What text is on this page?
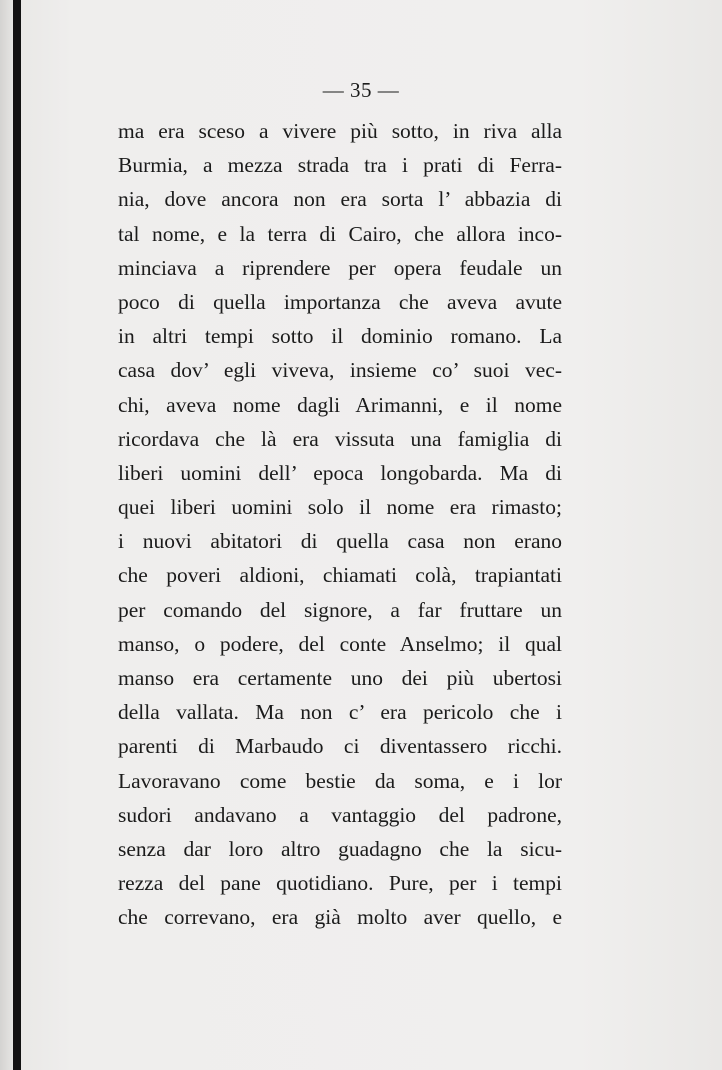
— 35 —
ma era sceso a vivere più sotto, in riva alla
Burmia, a mezza strada tra i prati di Ferra-
nia, dove ancora non era sorta l’ abbazia di
tal nome, e la terra di Cairo, che allora inco-
minciava a riprendere per opera feudale un
poco di quella importanza che aveva avute
in altri tempi sotto il dominio romano. La
casa dov’ egli viveva, insieme co’ suoi vec-
chi, aveva nome dagli Arimanni, e il nome
ricordava che là era vissuta una famiglia di
liberi uomini dell’ epoca longobarda. Ma di
quei liberi uomini solo il nome era rimasto;
i nuovi abitatori di quella casa non erano
che poveri aldioni, chiamati colà, trapiantati
per comando del signore, a far fruttare un
manso, o podere, del conte Anselmo; il qual
manso era certamente uno dei più ubertosi
della vallata. Ma non c’ era pericolo che i
parenti di Marbaudo ci diventassero ricchi.
Lavoravano come bestie da soma, e i lor
sudori andavano a vantaggio del padrone,
senza dar loro altro guadagno che la sicu-
rezza del pane quotidiano. Pure, per i tempi
che correvano, era già molto aver quello, e
